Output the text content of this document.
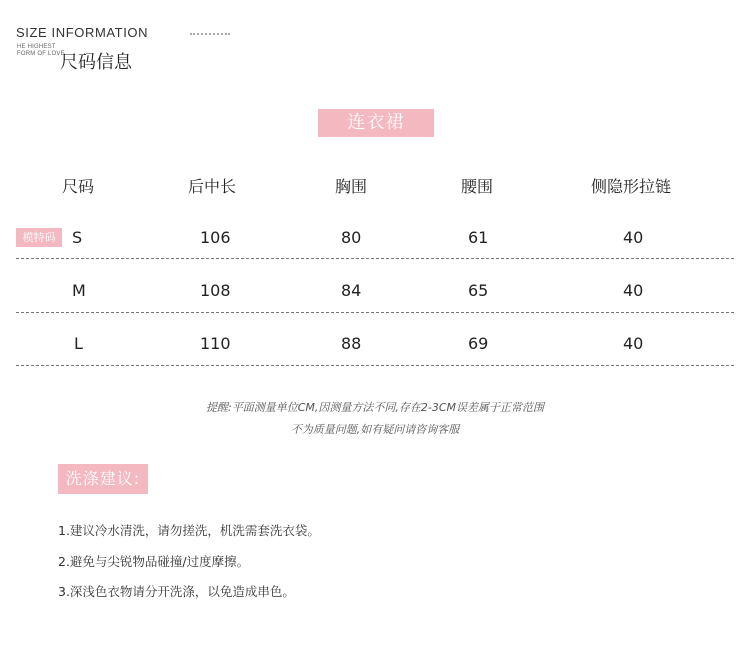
SIZE INFORMATION
HE HIGHEST
FORM OF LOVE
尺码信息
连衣裙
尺码	后中长	胸围	腰围	侧隐形拉链
模特码	S	106	80	61	40
M	108	84	65	40
L	110	88	69	40
提醒:平面测量单位CM,因测量方法不同,存在2-3CM误差属于正常范围
不为质量问题,如有疑问请咨询客服
洗涤建议:
1.建议冷水清洗，请勿搓洗，机洗需套洗衣袋。
2.避免与尖锐物品碰撞/过度摩擦。
3.深浅色衣物请分开洗涤，以免造成串色。
